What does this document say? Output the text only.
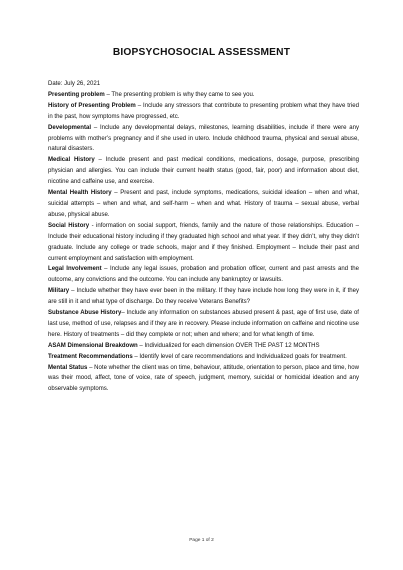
BIOPSYCHOSOCIAL ASSESSMENT
Date: July 26, 2021
Presenting problem – The presenting problem is why they came to see you.
History of Presenting Problem – Include any stressors that contribute to presenting problem what they have tried in the past, how symptoms have progressed, etc.
Developmental – Include any developmental delays, milestones, learning disabilities, include if there were any problems with mother’s pregnancy and if she used in utero. Include childhood trauma, physical and sexual abuse, natural disasters.
Medical History – Include present and past medical conditions, medications, dosage, purpose, prescribing physician and allergies. You can include their current health status (good, fair, poor) and information about diet, nicotine and caffeine use, and exercise.
Mental Health History – Present and past, include symptoms, medications, suicidal ideation – when and what, suicidal attempts – when and what, and self-harm – when and what. History of trauma – sexual abuse, verbal abuse, physical abuse.
Social History - information on social support, friends, family and the nature of those relationships. Education – Include their educational history including if they graduated high school and what year. If they didn’t, why they didn’t graduate. Include any college or trade schools, major and if they finished. Employment – Include their past and current employment and satisfaction with employment.
Legal Involvement – Include any legal issues, probation and probation officer, current and past arrests and the outcome, any convictions and the outcome. You can include any bankruptcy or lawsuits.
Military – Include whether they have ever been in the military. If they have include how long they were in it, if they are still in it and what type of discharge. Do they receive Veterans Benefits?
Substance Abuse History– Include any information on substances abused present & past, age of first use, date of last use, method of use, relapses and if they are in recovery. Please include information on caffeine and nicotine use here. History of treatments – did they complete or not; when and where; and for what length of time.
ASAM Dimensional Breakdown – Individualized for each dimension OVER THE PAST 12 MONTHS
Treatment Recommendations – Identify level of care recommendations and Individualized goals for treatment.
Mental Status – Note whether the client was on time, behaviour, attitude, orientation to person, place and time, how was their mood, affect, tone of voice, rate of speech, judgment, memory, suicidal or homicidal ideation and any observable symptoms.
Page 1 of 2
